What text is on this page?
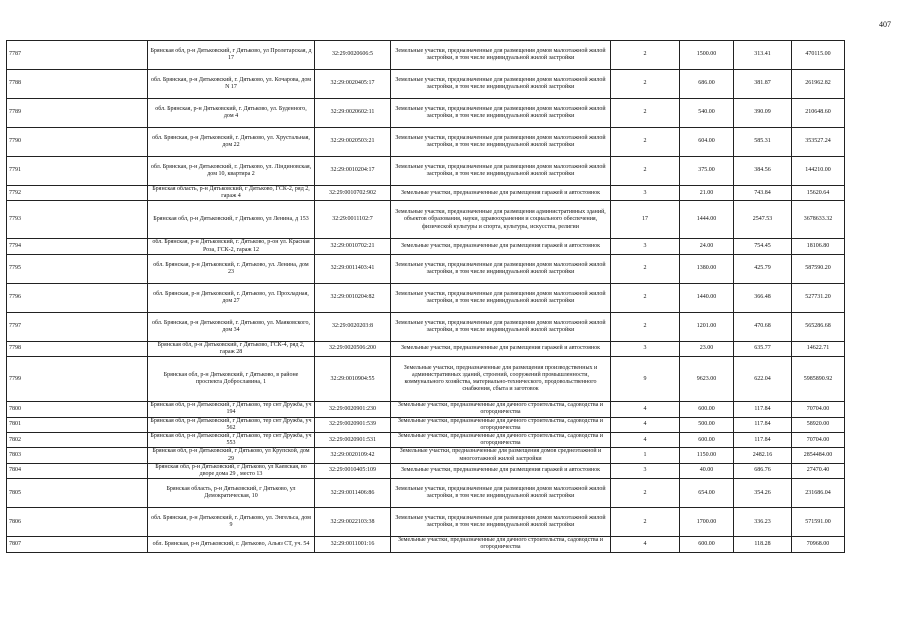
407
7787	Брянская обл, р-н Дятьковский, г Дятьково, ул Пролетарская, д 17	32:29:0020606:5	Земельные участки, предназначенные для размещения домов малоэтажной жилой застройки, в том числе индивидуальной жилой застройки	2	1500.00	313.41	470115.00
7788	обл. Брянская, р-н Дятьковский, г. Дятьково, ул. Кочарова, дом N 17	32:29:0020405:17	Земельные участки, предназначенные для размещения домов малоэтажной жилой застройки, в том числе индивидуальной жилой застройки	2	686.00	381.87	261962.82
7789	обл. Брянская, р-н Дятьковский, г. Дятьково, ул. Буденного, дом 4	32:29:0020602:11	Земельные участки, предназначенные для размещения домов малоэтажной жилой застройки, в том числе индивидуальной жилой застройки	2	540.00	390.09	210648.60
7790	обл. Брянская, р-н Дятьковский, г. Дятьково, ул. Хрустальная, дом 22	32:29:0020503:21	Земельные участки, предназначенные для размещения домов малоэтажной жилой застройки, в том числе индивидуальной жилой застройки	2	604.00	585.31	353527.24
7791	обл. Брянская, р-н Дятьковский, г. Дятьково, ул. Ліндиновская, дом 10, квартира 2	32:29:0010204:17	Земельные участки, предназначенные для размещения домов малоэтажной жилой застройки, в том числе индивидуальной жилой застройки	2	375.00	384.56	144210.00
7792	Брянская область, р-н Дятьковский, г Дятьково, ГСК-2, ряд 2, гараж 4	32:29:0010702:902	Земельные участки, предназначенные для размещения гаражей и автостоянок	3	21.00	743.84	15620.64
7793	Брянская обл, р-н Дятьковский, г Дятьково, ул Ленина, д 153	32:29:0011102:7	Земельные участки, предназначенные для размещения административных зданий, объектов образования, науки, здравоохранения и социального обеспечения, физической культуры и спорта, культуры, искусства, религии	17	1444.00	2547.53	3678633.32
7794	обл. Брянская, р-н Дятьковский, г. Дятьково, р-он ул. Красная Роза, ГСК-2, гараж 12	32:29:0010702:21	Земельные участки, предназначенные для размещения гаражей и автостоянок	3	24.00	754.45	18106.80
7795	обл. Брянская, р-н Дятьковский, г. Дятьково, ул. Ленина, дом 23	32:29:0011403:41	Земельные участки, предназначенные для размещения домов малоэтажной жилой застройки, в том числе индивидуальной жилой застройки	2	1380.00	425.79	587590.20
7796	обл. Брянская, р-н Дятьковский, г. Дятьково, ул. Прохладная, дом 27	32:29:0010204:82	Земельные участки, предназначенные для размещения домов малоэтажной жилой застройки, в том числе индивидуальной жилой застройки	2	1440.00	366.48	527731.20
7797	обл. Брянская, р-н Дятьковский, г. Дятьково, ул. Маяковского, дом 34	32:29:0020203:8	Земельные участки, предназначенные для размещения домов малоэтажной жилой застройки, в том числе индивидуальной жилой застройки	2	1201.00	470.68	565286.68
7798	Брянская обл, р-н Дятьковский, г Дятьково, ГСК-4, ряд 2, гараж 28	32:29:0020506:200	Земельные участки, предназначенные для размещения гаражей и автостоянок	3	23.00	635.77	14622.71
7799	Брянская обл, р-н Дятьковский, г Дятьково, в районе проспекта Доброславина, 1	32:29:0010904:55	Земельные участки, предназначенные для размещения производственных и административных зданий, строений, сооружений промышленности, коммунального хозяйства, материально-технического, продовольственного снабжения, сбыта и заготовок	9	9623.00	622.04	5985890.92
7800	Брянская обл, р-н Дятьковский, г Дятьково, тер снт Дружба, уч 194	32:29:0020901:230	Земельные участки, предназначенные для дачного строительства, садоводства и огородничества	4	600.00	117.84	70704.00
7801	Брянская обл, р-н Дятьковский, г Дятьково, тер снт Дружба, уч 562	32:29:0020901:539	Земельные участки, предназначенные для дачного строительства, садоводства и огородничества	4	500.00	117.84	58920.00
7802	Брянская обл, р-н Дятьковский, г Дятьково, тер снт Дружба, уч 553	32:29:0020901:531	Земельные участки, предназначенные для дачного строительства, садоводства и огородничества	4	600.00	117.84	70704.00
7803	Брянская обл, р-н Дятьковский, г Дятьково, ул Крупской, дом 29	32:29:0020109:42	Земельные участки, предназначенные для размещения домов среднеэтажной и многоэтажной жилой застройки	1	1150.00	2482.16	2854484.00
7804	Брянская обл, р-н Дятьковский, г Дятьково, ул Каевская, во дворе дома 29 , место 13	32:29:0010405:109	Земельные участки, предназначенные для размещения гаражей и автостоянок	3	40.00	686.76	27470.40
7805	Брянская область, р-н Дятьковский, г Дятьково, ул Демократическая, 10	32:29:0011406:86	Земельные участки, предназначенные для размещения домов малоэтажной жилой застройки, в том числе индивидуальной жилой застройки	2	654.00	354.26	231686.04
7806	обл. Брянская, р-н Дятьковский, г. Дятьково, ул. Энгельса, дом 9	32:29:0022103:38	Земельные участки, предназначенные для размещения домов малоэтажной жилой застройки, в том числе индивидуальной жилой застройки	2	1700.00	336.23	571591.00
7807	обл. Брянская, р-н Дятьковский, г. Дятьково, Альяз СТ, уч. 54	32:29:0011001:16	Земельные участки, предназначенные для дачного строительства, садоводства и огородничества	4	600.00	118.28	70968.00
